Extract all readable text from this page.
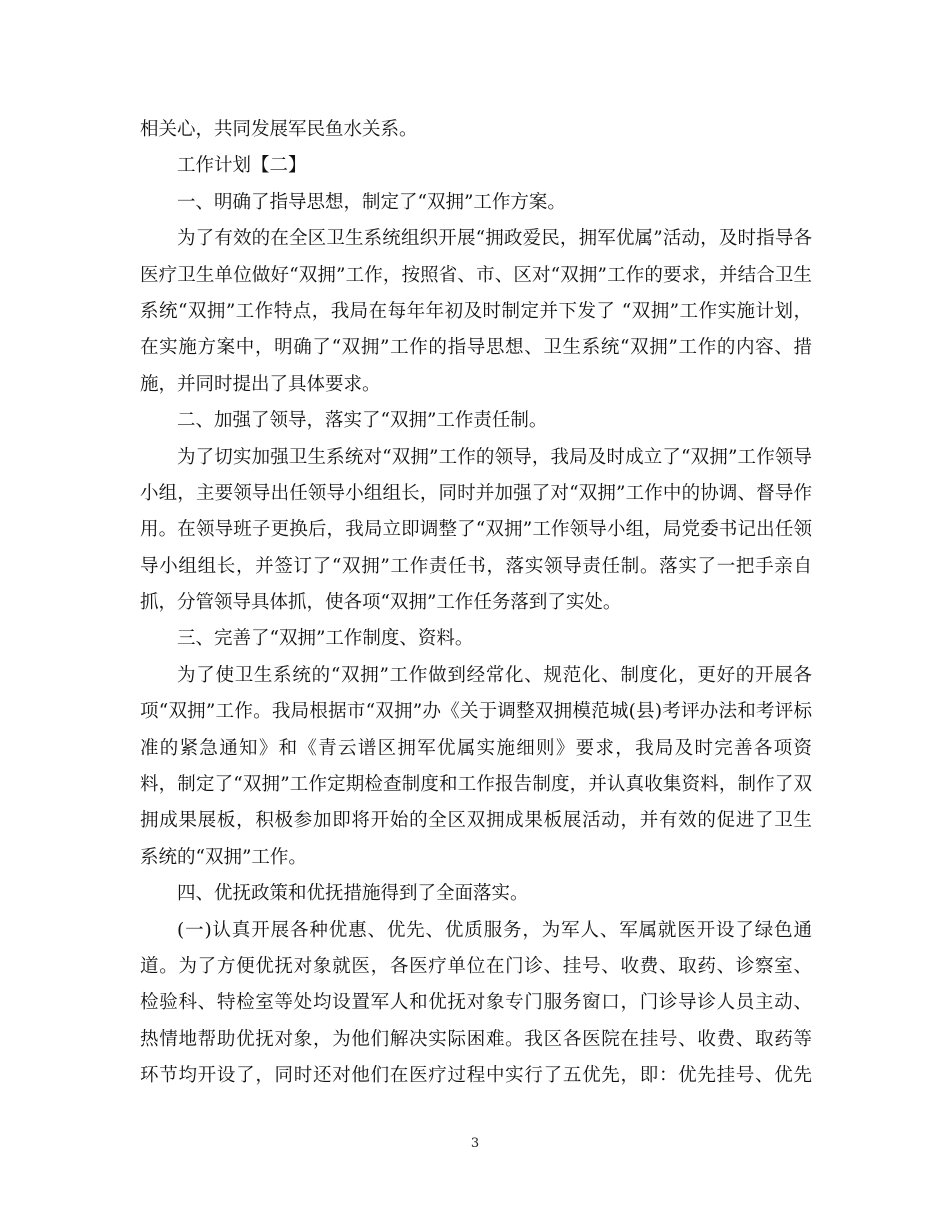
相关心，共同发展军民鱼水关系。
工作计划【二】
一、明确了指导思想，制定了“双拥”工作方案。
为了有效的在全区卫生系统组织开展“拥政爱民，拥军优属”活动，及时指导各
医疗卫生单位做好“双拥”工作，按照省、市、区对“双拥”工作的要求，并结合卫生
系统“双拥”工作特点，我局在每年年初及时制定并下发了 “双拥”工作实施计划，
在实施方案中，明确了“双拥”工作的指导思想、卫生系统“双拥”工作的内容、措
施，并同时提出了具体要求。
二、加强了领导，落实了“双拥”工作责任制。
为了切实加强卫生系统对“双拥”工作的领导，我局及时成立了“双拥”工作领导
小组，主要领导出任领导小组组长，同时并加强了对“双拥”工作中的协调、督导作
用。在领导班子更换后，我局立即调整了“双拥”工作领导小组，局党委书记出任领
导小组组长，并签订了“双拥”工作责任书，落实领导责任制。落实了一把手亲自
抓，分管领导具体抓，使各项“双拥”工作任务落到了实处。
三、完善了“双拥”工作制度、资料。
为了使卫生系统的“双拥”工作做到经常化、规范化、制度化，更好的开展各
项“双拥”工作。我局根据市“双拥”办《关于调整双拥模范城(县)考评办法和考评标
准的紧急通知》和《青云谱区拥军优属实施细则》要求，我局及时完善各项资
料，制定了“双拥”工作定期检查制度和工作报告制度，并认真收集资料，制作了双
拥成果展板，积极参加即将开始的全区双拥成果板展活动，并有效的促进了卫生
系统的“双拥”工作。
四、优抚政策和优抚措施得到了全面落实。
(一)认真开展各种优惠、优先、优质服务，为军人、军属就医开设了绿色通
道。为了方便优抚对象就医，各医疗单位在门诊、挂号、收费、取药、诊察室、
检验科、特检室等处均设置军人和优抚对象专门服务窗口，门诊导诊人员主动、
热情地帮助优抚对象，为他们解决实际困难。我区各医院在挂号、收费、取药等
环节均开设了，同时还对他们在医疗过程中实行了五优先，即：优先挂号、优先
3
